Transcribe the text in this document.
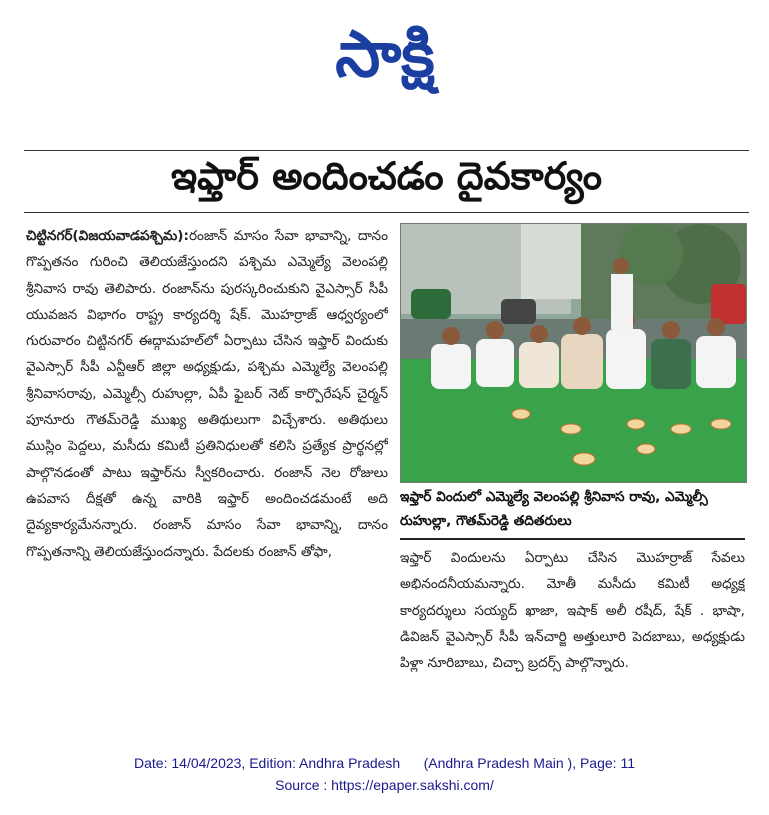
సాక్షి
ఇఫ్తార్‌ అందించడం దైవకార్యం
చిట్టినగర్‌(విజయవాడపశ్చిమ):రంజాన్‌ మాసం సేవా భావాన్ని, దానం గొప్పతనం గురించి తెలియజేస్తుందని పశ్చిమ ఎమ్మెల్యే వెలంపల్లి శ్రీనివాస రావు తెలిపారు. రంజాన్‌ను పురస్కరించుకుని వైఎస్సార్‌ సీపీ యువజన విభాగం రాష్ట్ర కార్యదర్శి షేక్‌. మొహర్రాజ్‌ ఆధ్వర్యంలో గురువారం చిట్టినగర్‌ ఈద్గామహల్‌లో ఏర్పాటు చేసిన ఇఫ్తార్‌ విందుకు వైఎస్సార్‌ సీపీ ఎన్టీఆర్‌ జిల్లా అధ్యక్షుడు, పశ్చిమ ఎమ్మెల్యే వెలంపల్లి శ్రీనివాసరావు, ఎమ్మెల్సీ రుహుల్లా, ఏపీ ఫైబర్‌ నెట్‌ కార్పొరేషన్‌ చైర్మన్‌ పూనూరు గౌతమ్‌రెడ్డి ముఖ్య అతిథులుగా విచ్చేశారు. అతిథులు ముస్లిం పెద్దలు, మసీదు కమిటీ ప్రతినిధులతో కలిసి ప్రత్యేక ప్రార్థనల్లో పాల్గొనడంతో పాటు ఇఫ్తార్‌ను స్వీకరించారు. రంజాన్‌ నెల రోజులు ఉపవాస దీక్షతో ఉన్న వారికి ఇఫ్తార్‌ అందించడమంటే అది దైవ్యకార్యమేనన్నారు. రంజాన్‌ మాసం సేవా భావాన్ని, దానం గొప్పతనాన్ని తెలియజేస్తుందన్నారు. పేదలకు రంజాన్‌ తోఫా,
ఇఫ్తార్‌ విందులో ఎమ్మెల్యే వెలంపల్లి శ్రీనివాస రావు, ఎమ్మెల్సీ రుహుల్లా, గౌతమ్‌రెడ్డి తదితరులు
ఇఫ్తార్‌ విందులను ఏర్పాటు చేసిన మొహర్రాజ్‌ సేవలు అభినందనీయమన్నారు. మోతీ మసీదు కమిటీ అధ్యక్ష కార్యదర్శులు సయ్యద్‌ ఖాజా, ఇషాక్‌ అలీ రషీద్‌, షేక్‌ . భాషా, డివిజన్‌ వైఎస్సార్‌ సీపీ ఇన్‌చార్జి అత్తులూరి పెదబాబు, అధ్యక్షుడు పిళ్లా నూరిబాబు, చిచ్చా బ్రదర్స్‌ పాల్గొన్నారు.
Date: 14/04/2023, Edition: Andhra Pradesh (Andhra Pradesh Main ), Page: 11
Source : https://epaper.sakshi.com/
